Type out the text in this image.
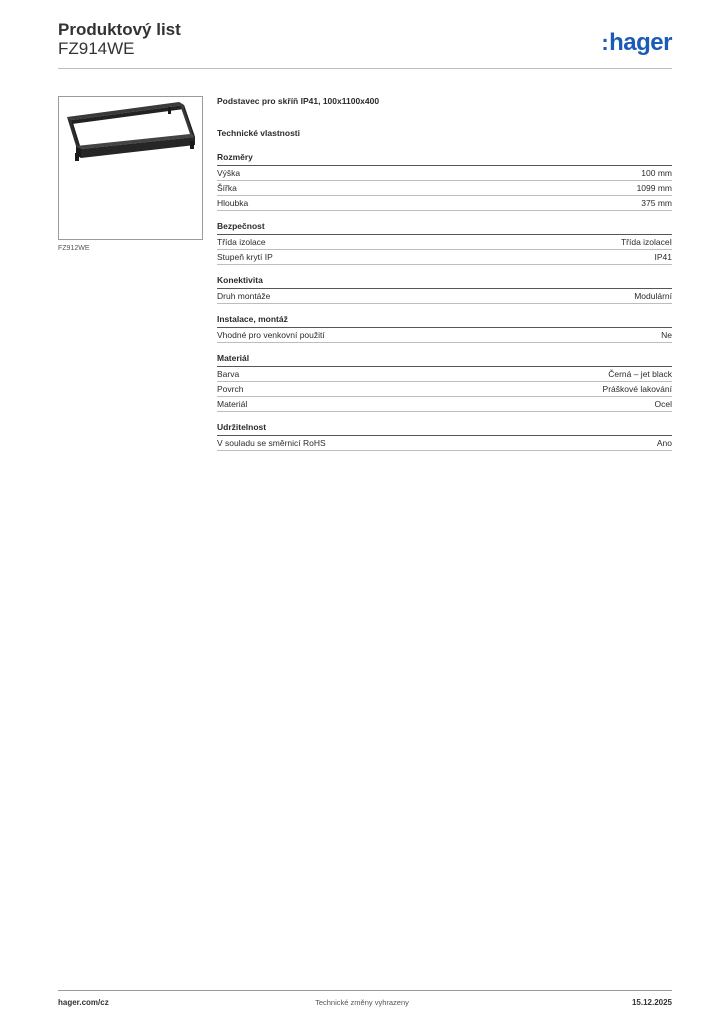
Produktový list
FZ914WE	:hager
FZ912WE
Podstavec pro skříň IP41, 100x1100x400
Technické vlastnosti
Rozměry
Výška	100 mm
Šířka	1099 mm
Hloubka	375 mm
Bezpečnost
Třída izolace	Třída izolaceI
Stupeň krytí IP	IP41
Konektivita
Druh montáže	Modulární
Instalace, montáž
Vhodné pro venkovní použití	Ne
Materiál
Barva	Černá – jet black
Povrch	Práškové lakování
Materiál	Ocel
Udržitelnost
V souladu se směrnicí RoHS	Ano
hager.com/cz	Technické změny vyhrazeny	15.12.2025
